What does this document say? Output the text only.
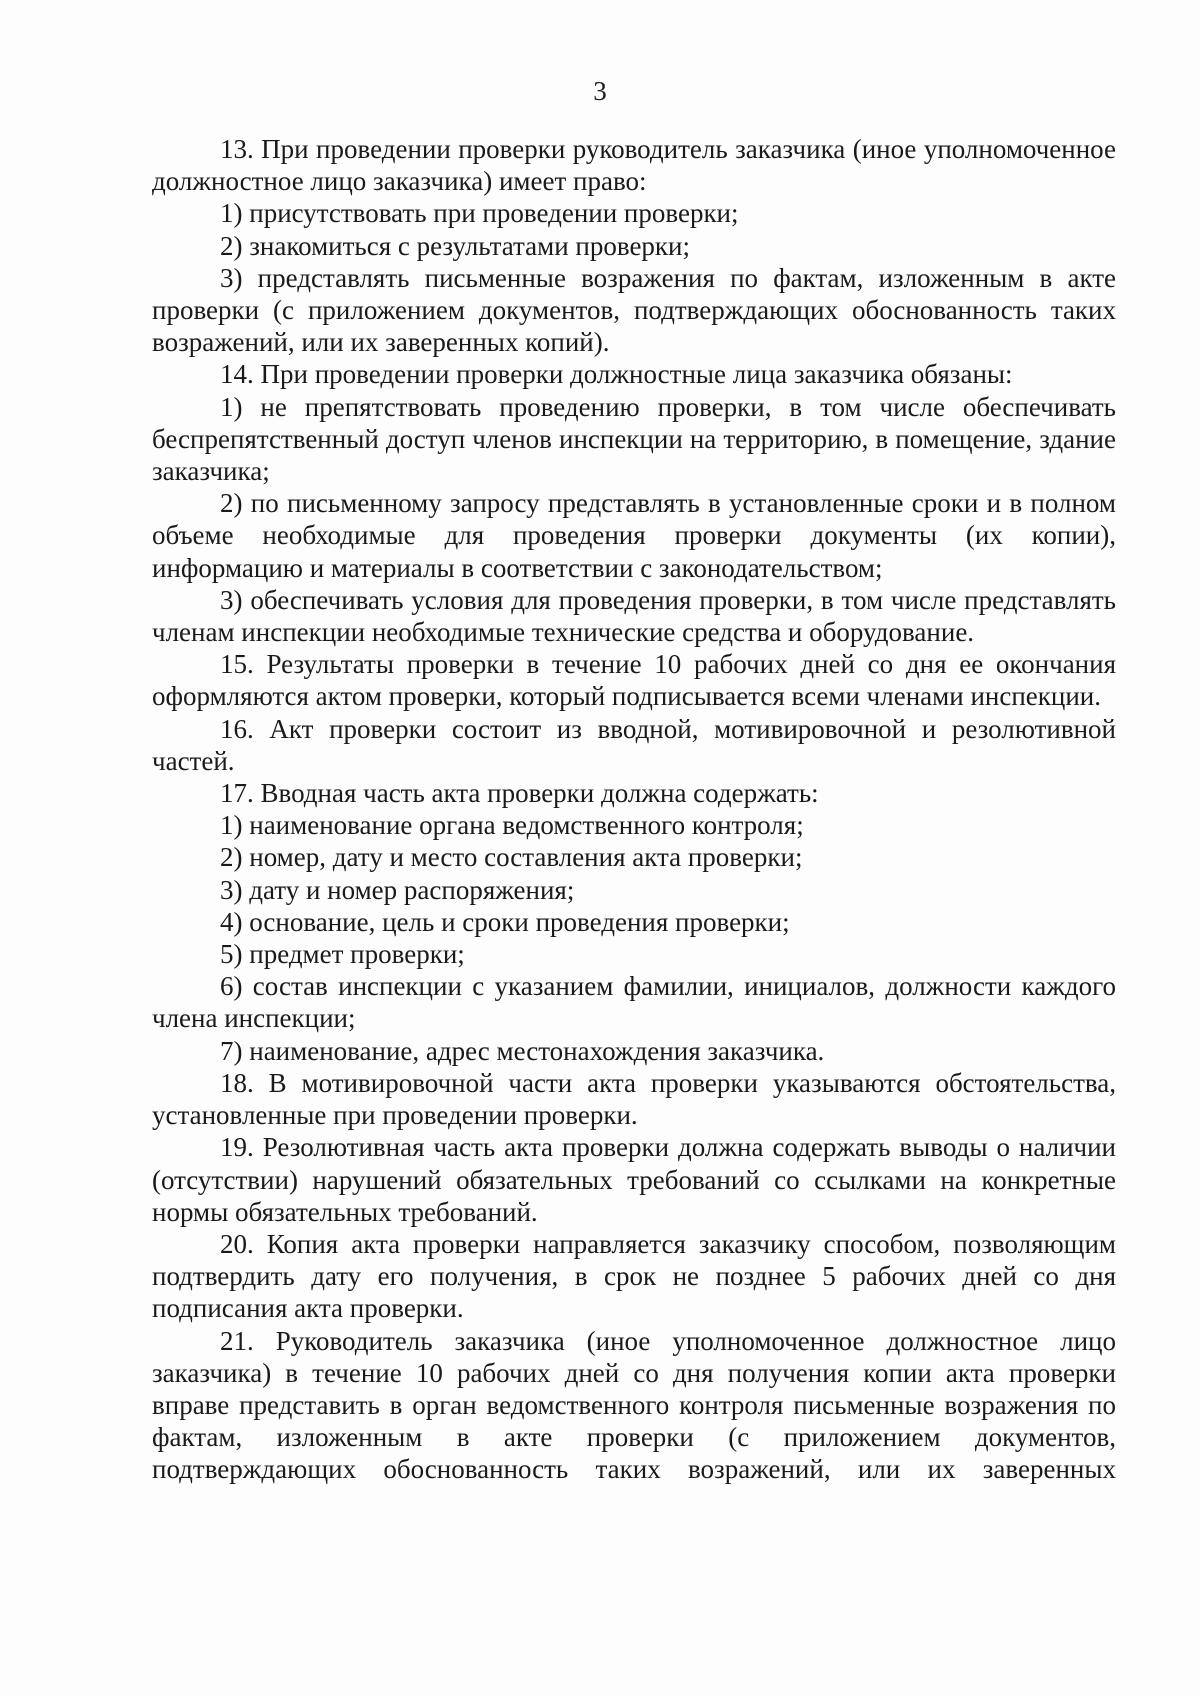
3

13. При проведении проверки руководитель заказчика (иное уполномоченное должностное лицо заказчика) имеет право:

1) присутствовать при проведении проверки;

2) знакомиться с результатами проверки;

3) представлять письменные возражения по фактам, изложенным в акте проверки (с приложением документов, подтверждающих обоснованность таких возражений, или их заверенных копий).

14. При проведении проверки должностные лица заказчика обязаны:

1) не препятствовать проведению проверки, в том числе обеспечивать беспрепятственный доступ членов инспекции на территорию, в помещение, здание заказчика;

2) по письменному запросу представлять в установленные сроки и в полном объеме необходимые для проведения проверки документы (их копии), информацию и материалы в соответствии с законодательством;

3) обеспечивать условия для проведения проверки, в том числе представлять членам инспекции необходимые технические средства и оборудование.

15. Результаты проверки в течение 10 рабочих дней со дня ее окончания оформляются актом проверки, который подписывается всеми членами инспекции.

16. Акт проверки состоит из вводной, мотивировочной и резолютивной частей.

17. Вводная часть акта проверки должна содержать:

1) наименование органа ведомственного контроля;

2) номер, дату и место составления акта проверки;

3) дату и номер распоряжения;

4) основание, цель и сроки проведения проверки;

5) предмет проверки;

6) состав инспекции с указанием фамилии, инициалов, должности каждого члена инспекции;

7) наименование, адрес местонахождения заказчика.

18. В мотивировочной части акта проверки указываются обстоятельства, установленные при проведении проверки.

19. Резолютивная часть акта проверки должна содержать выводы о наличии (отсутствии) нарушений обязательных требований со ссылками на конкретные нормы обязательных требований.

20. Копия акта проверки направляется заказчику способом, позволяющим подтвердить дату его получения, в срок не позднее 5 рабочих дней со дня подписания акта проверки.

21. Руководитель заказчика (иное уполномоченное должностное лицо заказчика) в течение 10 рабочих дней со дня получения копии акта проверки вправе представить в орган ведомственного контроля письменные возражения по фактам, изложенным в акте проверки (с приложением документов, подтверждающих обоснованность таких возражений, или их заверенных
